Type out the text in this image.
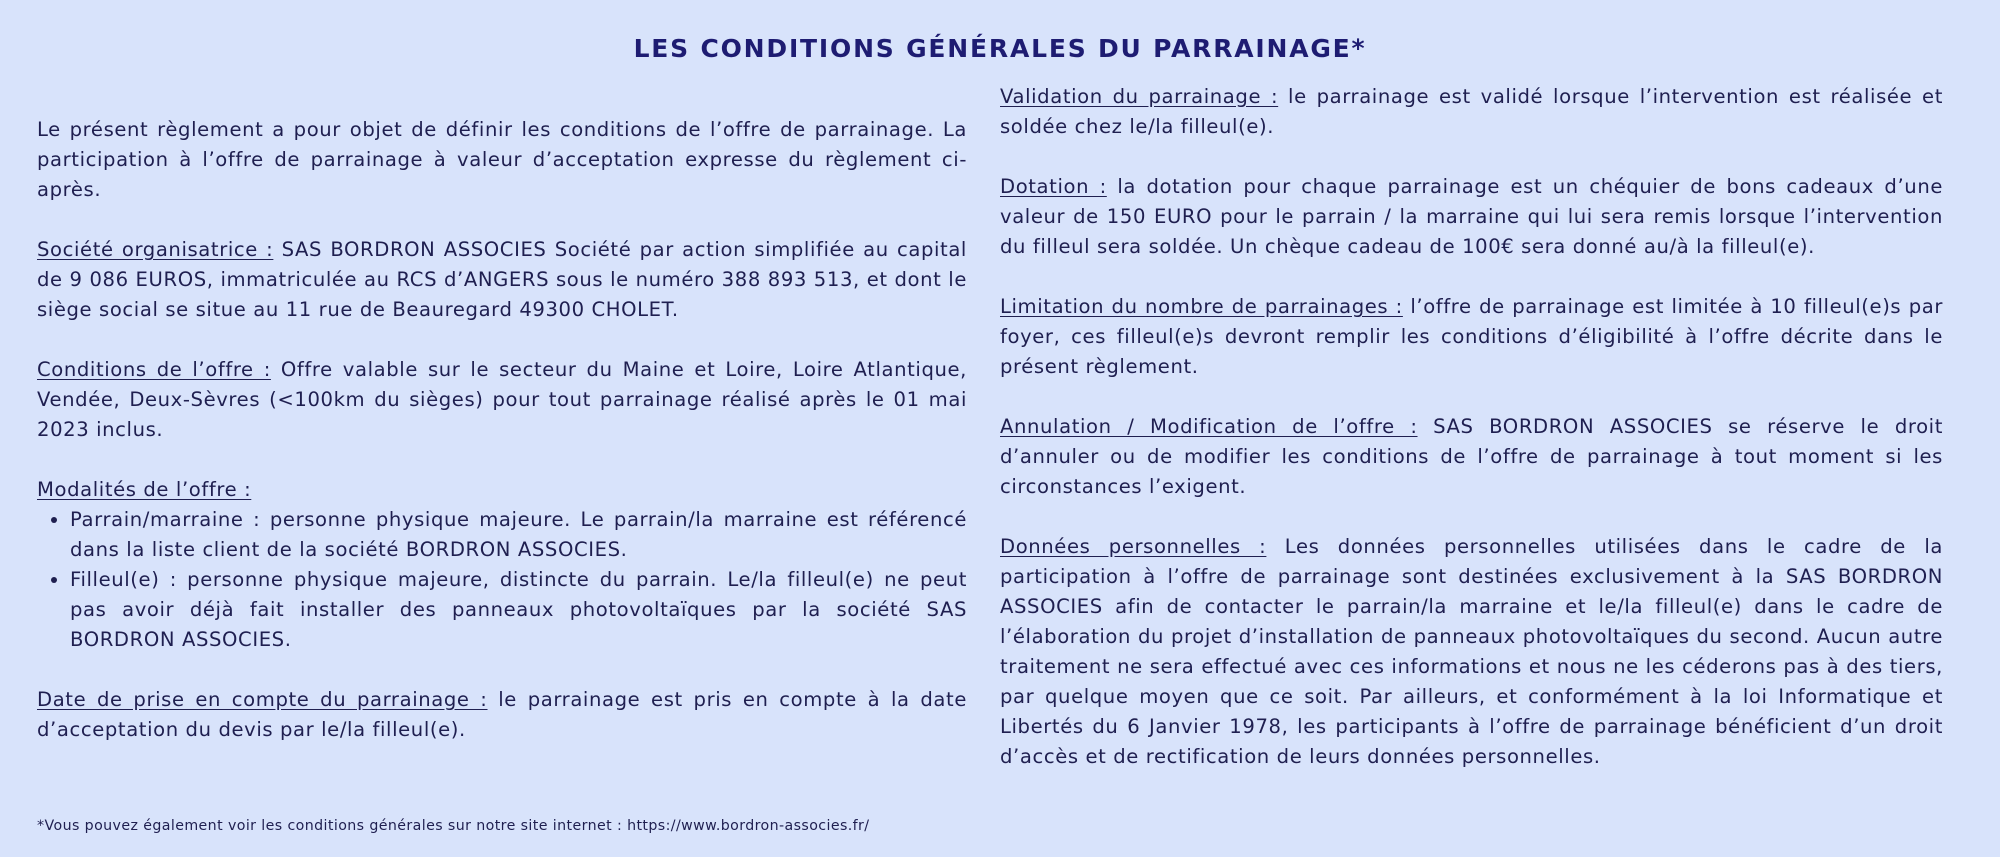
LES CONDITIONS GÉNÉRALES DU PARRAINAGE*

Le présent règlement a pour objet de définir les conditions de l’offre de parrainage. La participation à l’offre de parrainage à valeur d’acceptation expresse du règlement ci-après.

Société organisatrice : SAS BORDRON ASSOCIES Société par action simplifiée au capital de 9 086 EUROS, immatriculée au RCS d’ANGERS sous le numéro 388 893 513, et dont le siège social se situe au 11 rue de Beauregard 49300 CHOLET.

Conditions de l’offre : Offre valable sur le secteur du Maine et Loire, Loire Atlantique, Vendée, Deux-Sèvres (<100km du sièges) pour tout parrainage réalisé après le 01 mai 2023 inclus.

Modalités de l’offre :
• Parrain/marraine : personne physique majeure. Le parrain/la marraine est référencé dans la liste client de la société BORDRON ASSOCIES.
• Filleul(e) : personne physique majeure, distincte du parrain. Le/la filleul(e) ne peut pas avoir déjà fait installer des panneaux photovoltaïques par la société SAS BORDRON ASSOCIES.

Date de prise en compte du parrainage : le parrainage est pris en compte à la date d’acceptation du devis par le/la filleul(e).

Validation du parrainage : le parrainage est validé lorsque l’intervention est réalisée et soldée chez le/la filleul(e).

Dotation : la dotation pour chaque parrainage est un chéquier de bons cadeaux d’une valeur de 150 EURO pour le parrain / la marraine qui lui sera remis lorsque l’intervention du filleul sera soldée. Un chèque cadeau de 100€ sera donné au/à la filleul(e).

Limitation du nombre de parrainages : l’offre de parrainage est limitée à 10 filleul(e)s par foyer, ces filleul(e)s devront remplir les conditions d’éligibilité à l’offre décrite dans le présent règlement.

Annulation / Modification de l’offre : SAS BORDRON ASSOCIES se réserve le droit d’annuler ou de modifier les conditions de l’offre de parrainage à tout moment si les circonstances l’exigent.

Données personnelles : Les données personnelles utilisées dans le cadre de la participation à l’offre de parrainage sont destinées exclusivement à la SAS BORDRON ASSOCIES afin de contacter le parrain/la marraine et le/la filleul(e) dans le cadre de l’élaboration du projet d’installation de panneaux photovoltaïques du second. Aucun autre traitement ne sera effectué avec ces informations et nous ne les céderons pas à des tiers, par quelque moyen que ce soit. Par ailleurs, et conformément à la loi Informatique et Libertés du 6 Janvier 1978, les participants à l’offre de parrainage bénéficient d’un droit d’accès et de rectification de leurs données personnelles.

*Vous pouvez également voir les conditions générales sur notre site internet : https://www.bordron-associes.fr/
